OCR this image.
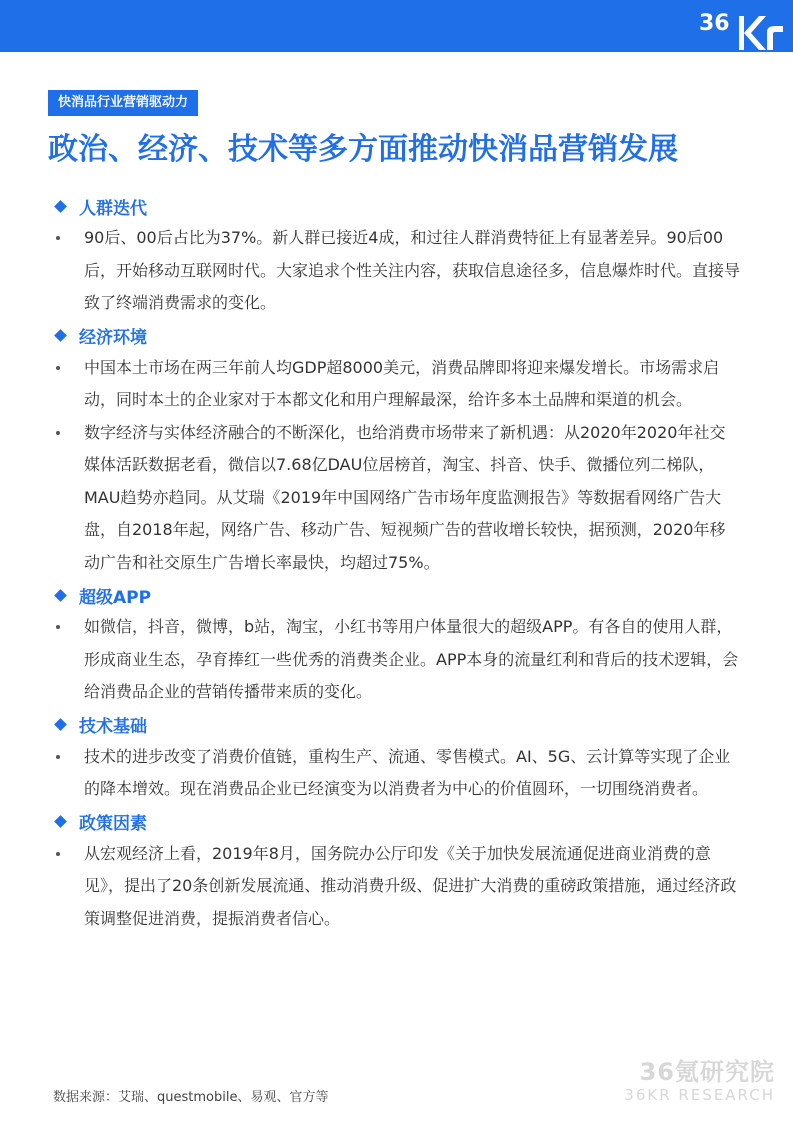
36
快消品行业营销驱动力
政治、经济、技术等多方面推动快消品营销发展
人群迭代
90后、00后占比为37%。新人群已接近4成，和过往人群消费特征上有显著差异。90后00后，开始移动互联网时代。大家追求个性关注内容，获取信息途径多，信息爆炸时代。直接导致了终端消费需求的变化。
经济环境
中国本土市场在两三年前人均GDP超8000美元，消费品牌即将迎来爆发增长。市场需求启动，同时本土的企业家对于本都文化和用户理解最深，给许多本土品牌和渠道的机会。
数字经济与实体经济融合的不断深化，也给消费市场带来了新机遇：从2020年2020年社交媒体活跃数据老看，微信以7.68亿DAU位居榜首，淘宝、抖音、快手、微播位列二梯队，MAU趋势亦趋同。从艾瑞《2019年中国网络广告市场年度监测报告》等数据看网络广告大盘，自2018年起，网络广告、移动广告、短视频广告的营收增长较快，据预测，2020年移动广告和社交原生广告增长率最快，均超过75%。
超级APP
如微信，抖音，微博，b站，淘宝，小红书等用户体量很大的超级APP。有各自的使用人群，形成商业生态，孕育捧红一些优秀的消费类企业。APP本身的流量红利和背后的技术逻辑，会给消费品企业的营销传播带来质的变化。
技术基础
技术的进步改变了消费价值链，重构生产、流通、零售模式。AI、5G、云计算等实现了企业的降本增效。现在消费品企业已经演变为以消费者为中心的价值圆环，一切围绕消费者。
政策因素
从宏观经济上看，2019年8月，国务院办公厅印发《关于加快发展流通促进商业消费的意见》，提出了20条创新发展流通、推动消费升级、促进扩大消费的重磅政策措施，通过经济政策调整促进消费，提振消费者信心。
36氪研究院
36KR RESEARCH
数据来源：艾瑞、questmobile、易观、官方等
